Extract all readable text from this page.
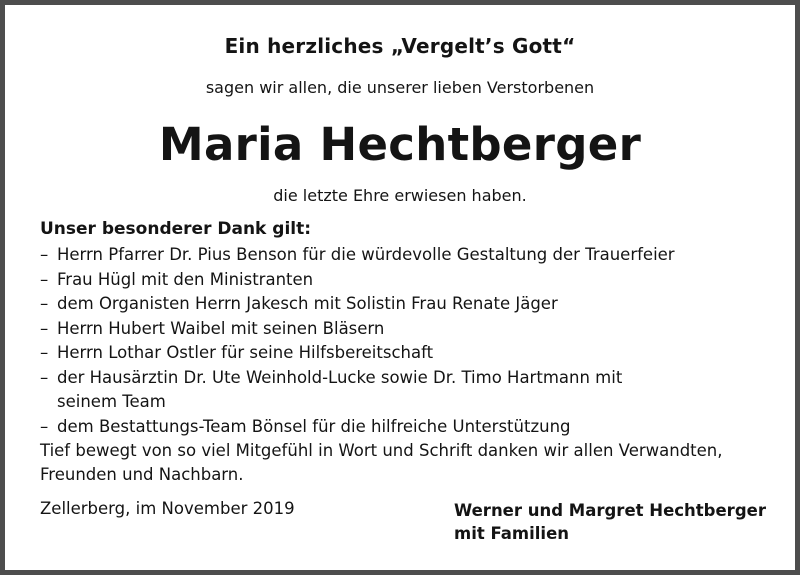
Ein herzliches „Vergelt’s Gott“
sagen wir allen, die unserer lieben Verstorbenen
Maria Hechtberger
die letzte Ehre erwiesen haben.
Unser besonderer Dank gilt:
– Herrn Pfarrer Dr. Pius Benson für die würdevolle Gestaltung der Trauerfeier
– Frau Hügl mit den Ministranten
– dem Organisten Herrn Jakesch mit Solistin Frau Renate Jäger
– Herrn Hubert Waibel mit seinen Bläsern
– Herrn Lothar Ostler für seine Hilfsbereitschaft
– der Hausärztin Dr. Ute Weinhold-Lucke sowie Dr. Timo Hartmann mit seinem Team
– dem Bestattungs-Team Bönsel für die hilfreiche Unterstützung

Tief bewegt von so viel Mitgefühl in Wort und Schrift danken wir allen Verwandten, Freunden und Nachbarn.

Zellerberg, im November 2019	Werner und Margret Hechtberger
mit Familien
